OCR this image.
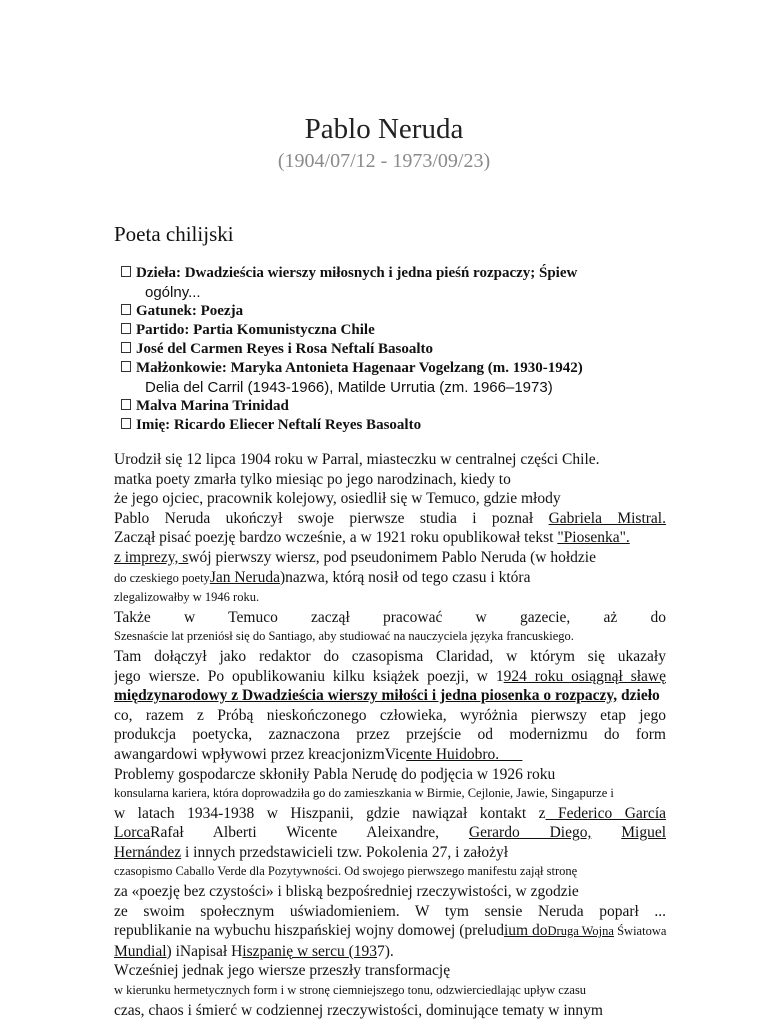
Pablo Neruda
(1904/07/12 - 1973/09/23)
Poeta chilijski
Dzieła: Dwadzieścia wierszy miłosnych i jedna pieśń rozpaczy; Śpiew
ogólny...
Gatunek: Poezja
Partido: Partia Komunistyczna Chile
José del Carmen Reyes i Rosa Neftalí Basoalto
Małżonkowie: Maryka Antonieta Hagenaar Vogelzang (m. 1930-1942)
Delia del Carril (1943-1966), Matilde Urrutia (zm. 1966–1973)
Malva Marina Trinidad
Imię: Ricardo Eliecer Neftalí Reyes Basoalto
Urodził się 12 lipca 1904 roku w Parral, miasteczku w centralnej części Chile.
matka poety zmarła tylko miesiąc po jego narodzinach, kiedy to
że jego ojciec, pracownik kolejowy, osiedlił się w Temuco, gdzie młody
Pablo Neruda ukończył swoje pierwsze studia i poznał Gabriela Mistral.
Zaczął pisać poezję bardzo wcześnie, a w 1921 roku opublikował tekst "Piosenka".
z imprezy, swój pierwszy wiersz, pod pseudonimem Pablo Neruda (w hołdzie
do czeskiego poetyJan Neruda)nazwa, którą nosił od tego czasu i która
zlegalizowałby w 1946 roku.
Także w Temuco zaczął pracować w gazecie, aż do
Szesnaście lat przeniósł się do Santiago, aby studiować na nauczyciela języka francuskiego.
Tam dołączył jako redaktor do czasopisma Claridad, w którym się ukazały
jego wiersze. Po opublikowaniu kilku książek poezji, w 1924 roku osiągnął sławę
międzynarodowy z Dwadzieścia wierszy miłości i jedna piosenka o rozpaczy, dzieło
co, razem z Próbą nieskończonego człowieka, wyróżnia pierwszy etap jego
produkcja poetycka, zaznaczona przez przejście od modernizmu do form
awangardowi wpływowi przez kreacjonizmVicente Huidobro.
Problemy gospodarcze skłoniły Pabla Nerudę do podjęcia w 1926 roku
konsularna kariera, która doprowadziła go do zamieszkania w Birmie, Cejlonie, Jawie, Singapurze i
w latach 1934-1938 w Hiszpanii, gdzie nawiązał kontakt z Federico García
LorcaRafał Alberti Wicente Aleixandre, Gerardo Diego, Miguel
Hernández i innych przedstawicieli tzw. Pokolenia 27, i założył
czasopismo Caballo Verde dla Pozytywności. Od swojego pierwszego manifestu zajął stronę
za «poezję bez czystości» i bliską bezpośredniej rzeczywistości, w zgodzie
ze swoim społecznym uświadomieniem. W tym sensie Neruda poparł ...
republikanie na wybuchu hiszpańskiej wojny domowej (preludium doDruga Wojna Światowa
Mundial) iNapisał Hiszpanię w sercu (1937).
Wcześniej jednak jego wiersze przeszły transformację
w kierunku hermetycznych form i w stronę ciemniejszego tonu, odzwierciedlając upływ czasu
czas, chaos i śmierć w codziennej rzeczywistości, dominujące tematy w innym
